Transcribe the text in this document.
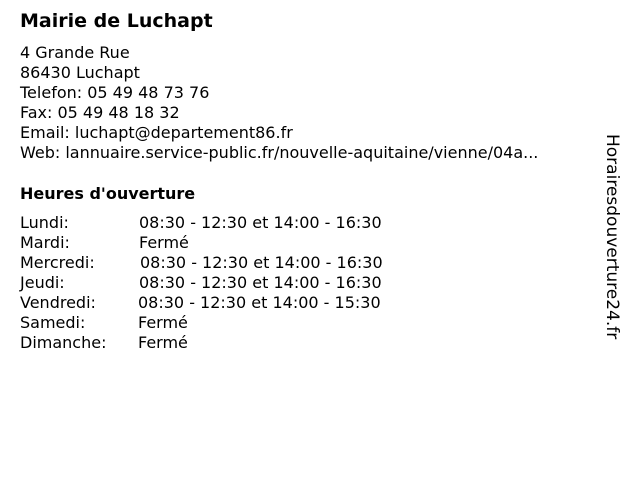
Mairie de Luchapt
4 Grande Rue
86430 Luchapt
Telefon: 05 49 48 73 76
Fax: 05 49 48 18 32
Email: luchapt@departement86.fr
Web: lannuaire.service-public.fr/nouvelle-aquitaine/vienne/04a...
Heures d'ouverture
Lundi:	08:30 - 12:30 et 14:00 - 16:30
Mardi:	Fermé
Mercredi:	08:30 - 12:30 et 14:00 - 16:30
Jeudi:	08:30 - 12:30 et 14:00 - 16:30
Vendredi:	08:30 - 12:30 et 14:00 - 15:30
Samedi:	Fermé
Dimanche: Fermé
Horairesdouverture24.fr
